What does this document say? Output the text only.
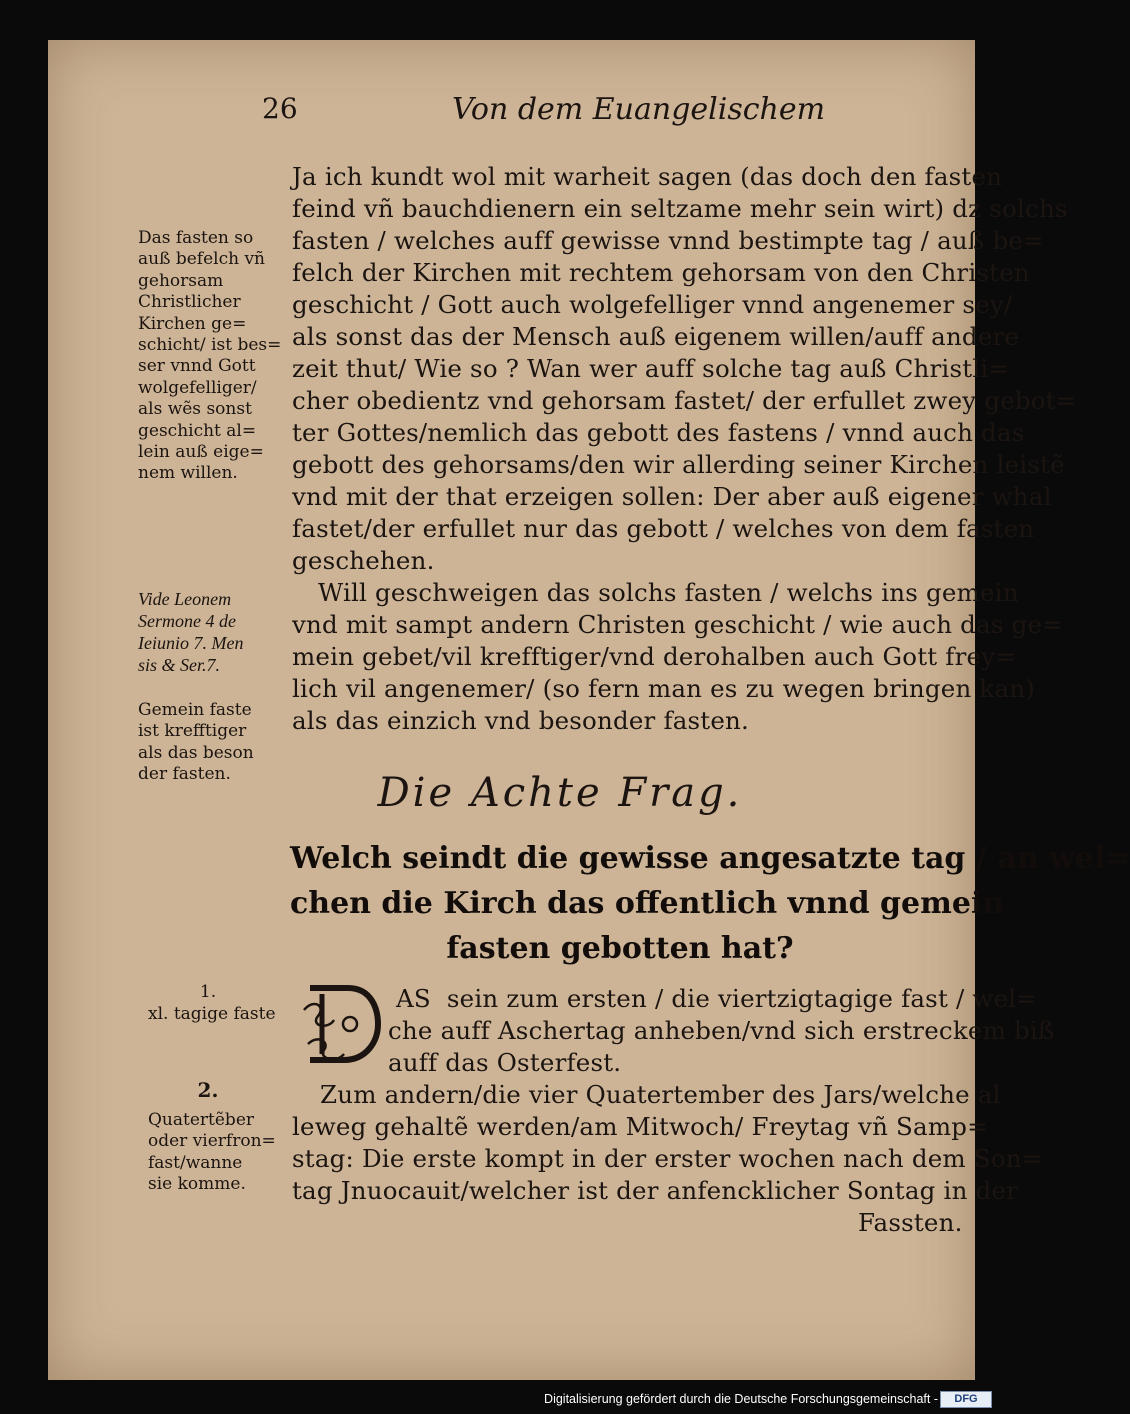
26	Von dem Euangelischem
Ja ich kundt wol mit warheit sagen (das doch den fasten
feind vñ bauchdienern ein seltzame mehr sein wirt) dz solchs
fasten / welches auff gewisse vnnd bestimpte tag / auß be=
felch der Kirchen mit rechtem gehorsam von den Christen
geschicht / Gott auch wolgefelliger vnnd angenemer sey/
als sonst das der Mensch auß eigenem willen/auff andere
zeit thut/ Wie so ? Wan wer auff solche tag auß Christli=
cher obedientz vnd gehorsam fastet/ der erfullet zwey gebot=
ter Gottes/nemlich das gebott des fastens / vnnd auch das
gebott des gehorsams/den wir allerding seiner Kirchen leistẽ
vnd mit der that erzeigen sollen: Der aber auß eigener whal
fastet/der erfullet nur das gebott / welches von dem fasten
geschehen.
Will geschweigen das solchs fasten / welchs ins gemein
vnd mit sampt andern Christen geschicht / wie auch das ge=
mein gebet/vil krefftiger/vnd derohalben auch Gott frey=
lich vil angenemer/ (so fern man es zu wegen bringen kan)
als das einzich vnd besonder fasten.
Das fasten so
auß befelch vñ
gehorsam
Christlicher
Kirchen ge=
schicht/ ist bes=
ser vnnd Gott
wolgefelliger/
als wẽs sonst
geschicht al=
lein auß eige=
nem willen.
Vide Leonem
Sermone 4 de
Ieiunio 7. Men
sis & Ser.7.
Gemein faste
ist krefftiger
als das beson
der fasten.
1.
xl. tagige faste
2.
Quatertẽber
oder vierfron=
fast/wanne
sie komme.
Die Achte Frag.
Welch seindt die gewisse angesatzte tag / an wel=
chen die Kirch das offentlich vnnd gemein
fasten gebotten hat?
AS sein zum ersten / die viertzigtagige fast / wel=
che auff Aschertag anheben/vnd sich erstreckem biß
auff das Osterfest.
Zum andern/die vier Quatertember des Jars/welche al
leweg gehaltẽ werden/am Mitwoch/ Freytag vñ Samp=
stag: Die erste kompt in der erster wochen nach dem Son=
tag Jnuocauit/welcher ist der anfencklicher Sontag in der
Fassten.
Digitalisierung gefördert durch die Deutsche Forschungsgemeinschaft -	DFG
